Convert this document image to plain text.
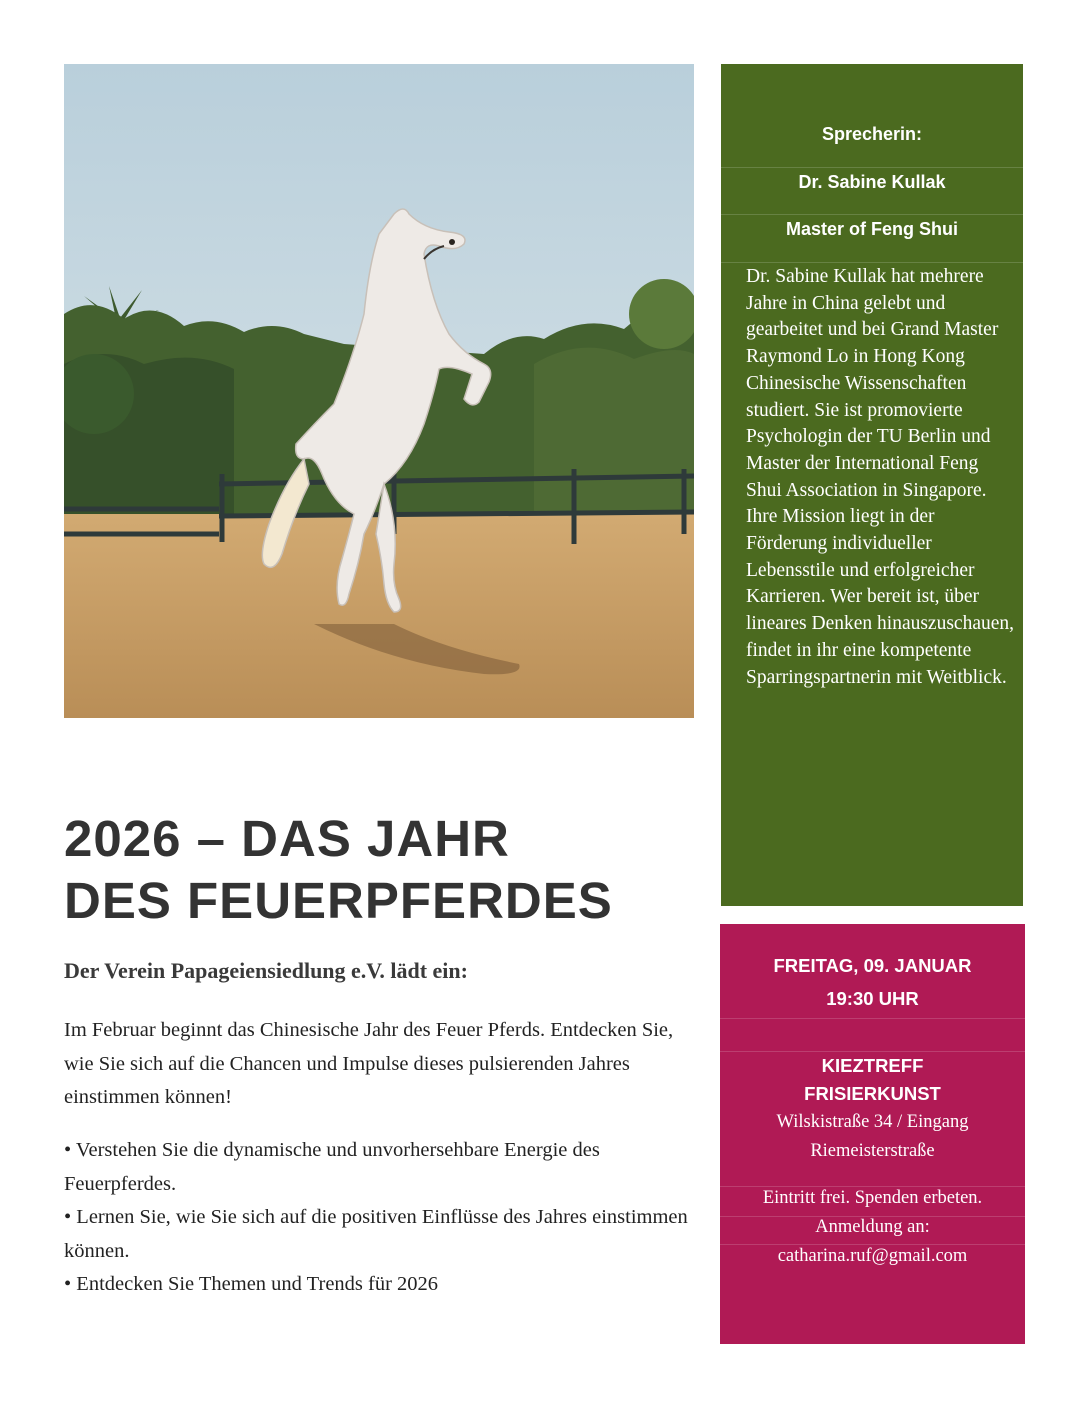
2026 – DAS JAHR
DES FEUERPFERDES

Der Verein Papageiensiedlung e.V. lädt ein:

Im Februar beginnt das Chinesische Jahr des Feuer Pferds. Entdecken Sie, wie Sie sich auf die Chancen und Impulse dieses pulsierenden Jahres einstimmen können!

• Verstehen Sie die dynamische und unvorhersehbare Energie des Feuerpferdes.
• Lernen Sie, wie Sie sich auf die positiven Einflüsse des Jahres einstimmen können.
• Entdecken Sie Themen und Trends für 2026
Sprecherin:
Dr. Sabine Kullak
Master of Feng Shui

Dr. Sabine Kullak hat mehrere Jahre in China gelebt und gearbeitet und bei Grand Master Raymond Lo in Hong Kong Chinesische Wissenschaften studiert. Sie ist promovierte Psychologin der TU Berlin und Master der International Feng Shui Association in Singapore. Ihre Mission liegt in der Förderung individueller Lebensstile und erfolgreicher Karrieren. Wer bereit ist, über lineares Denken hinauszuschauen, findet in ihr eine kompetente Sparringspartnerin mit Weitblick.

FREITAG, 09. JANUAR
19:30 UHR
KIEZTREFF
FRISIERKUNST
Wilskistraße 34 / Eingang
Riemeisterstraße
Eintritt frei. Spenden erbeten.
Anmeldung an:
catharina.ruf@gmail.com
